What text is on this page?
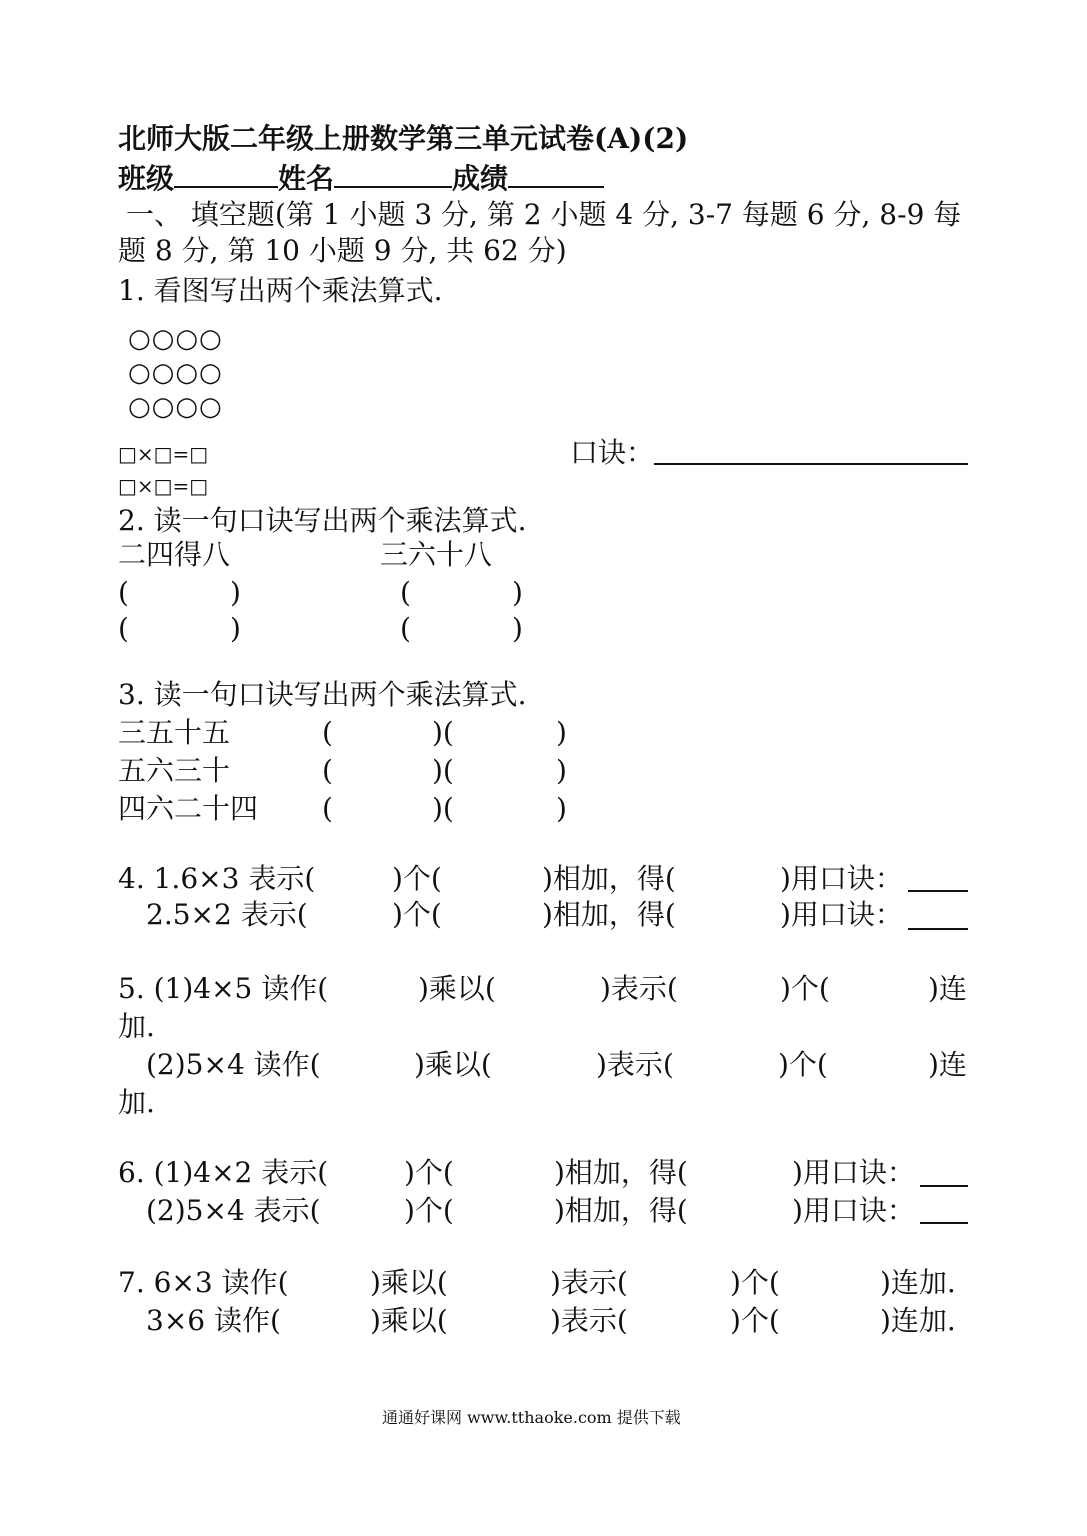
北师大版二年级上册数学第三单元试卷(A)(2)
班级	姓名	成绩
一、 填空题(第 1 小题 3 分, 第 2 小题 4 分, 3-7 每题 6 分, 8-9 每
题 8 分, 第 10 小题 9 分, 共 62 分)
1. 看图写出两个乘法算式.
○○○○
○○○○
○○○○
□×□=□	口诀：
□×□=□
2. 读一句口诀写出两个乘法算式.
二四得八	三六十八
(	)	(	)
(	)	(	)
3. 读一句口诀写出两个乘法算式.
三五十五	(	)(	)
五六三十	(	)(	)
四六二十四 (	)(	)
4. 1.6×3 表示(	)个(	)相加，得(	)用口诀：
2.5×2 表示(	)个(	)相加，得(	)用口诀：
5. (1)4×5 读作(	)乘以(	)表示(	)个(	)连
加.
(2)5×4 读作(	)乘以(	)表示(	)个(	)连
加.
6. (1)4×2 表示(	)个(	)相加，得(	)用口诀：
(2)5×4 表示(	)个(	)相加，得(	)用口诀：
7. 6×3 读作(	)乘以(	)表示(	)个(	)连加.
3×6 读作(	)乘以(	)表示(	)个(	)连加.
通通好课网 www.tthaoke.com 提供下载
